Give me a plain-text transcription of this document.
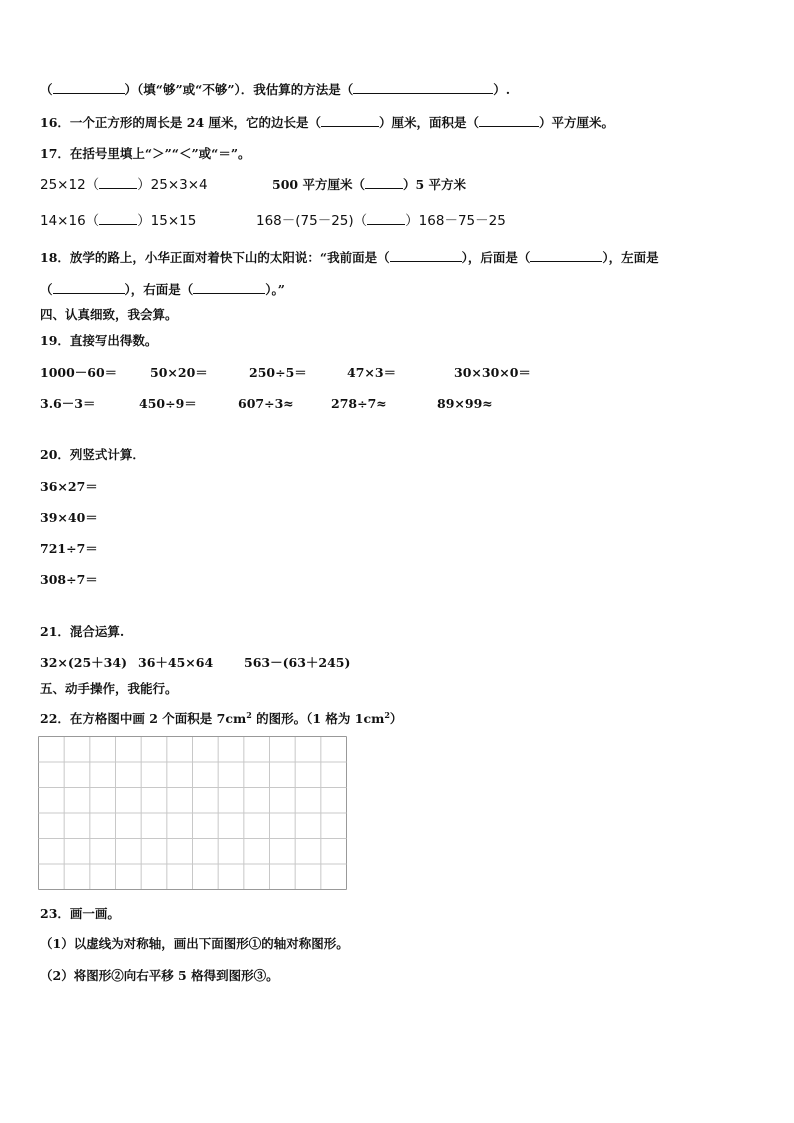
（	）（填“够”或“不够”）．我估算的方法是（	）.
16．一个正方形的周长是 24 厘米，它的边长是（	）厘米，面积是（	）平方厘米。
17．在括号里填上“＞”“＜”或“＝”。
25×12（	）25×3×4	500 平方厘米（	）5 平方米
14×16（	）15×15	168－(75－25)（	）168－75－25
18．放学的路上，小华正面对着快下山的太阳说：“我前面是（	），后面是（	），左面是
（	），右面是（	）。”
四、认真细致，我会算。
19．直接写出得数。
1000－60＝	50×20＝	250÷5＝	47×3＝	30×30×0＝
3.6－3＝	450÷9＝	607÷3≈	278÷7≈	89×99≈
20．列竖式计算．
36×27＝
39×40＝
721÷7＝
308÷7＝
21．混合运算.
32×(25＋34) 36＋45×64 563－(63＋245)
五、动手操作，我能行。
22．在方格图中画 2 个面积是 $7cm^2$ 的图形。（1 格为 $1cm^2$）
23．画一画。
（1）以虚线为对称轴，画出下面图形①的轴对称图形。
（2）将图形②向右平移 5 格得到图形③。
